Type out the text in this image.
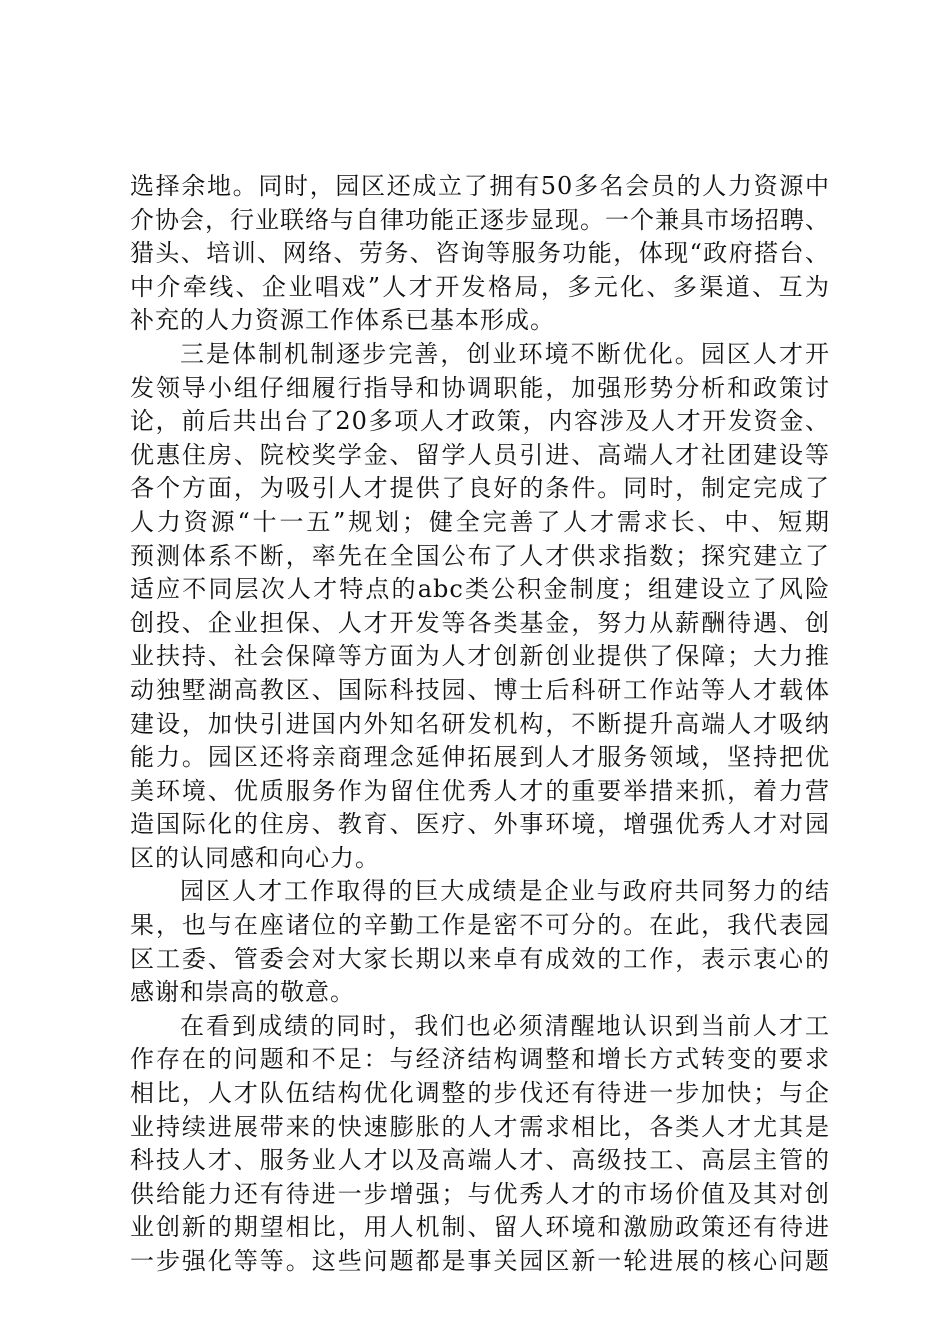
选择余地。同时，园区还成立了拥有50多名会员的人力资源中
介协会，行业联络与自律功能正逐步显现。一个兼具市场招聘、
猎头、培训、网络、劳务、咨询等服务功能，体现“政府搭台、
中介牵线、企业唱戏”人才开发格局，多元化、多渠道、互为
补充的人力资源工作体系已基本形成。
三是体制机制逐步完善，创业环境不断优化。园区人才开
发领导小组仔细履行指导和协调职能，加强形势分析和政策讨
论，前后共出台了20多项人才政策，内容涉及人才开发资金、
优惠住房、院校奖学金、留学人员引进、高端人才社团建设等
各个方面，为吸引人才提供了良好的条件。同时，制定完成了
人力资源“十一五”规划；健全完善了人才需求长、中、短期
预测体系不断，率先在全国公布了人才供求指数；探究建立了
适应不同层次人才特点的abc类公积金制度；组建设立了风险
创投、企业担保、人才开发等各类基金，努力从薪酬待遇、创
业扶持、社会保障等方面为人才创新创业提供了保障；大力推
动独墅湖高教区、国际科技园、博士后科研工作站等人才载体
建设，加快引进国内外知名研发机构，不断提升高端人才吸纳
能力。园区还将亲商理念延伸拓展到人才服务领域，坚持把优
美环境、优质服务作为留住优秀人才的重要举措来抓，着力营
造国际化的住房、教育、医疗、外事环境，增强优秀人才对园
区的认同感和向心力。
园区人才工作取得的巨大成绩是企业与政府共同努力的结
果，也与在座诸位的辛勤工作是密不可分的。在此，我代表园
区工委、管委会对大家长期以来卓有成效的工作，表示衷心的
感谢和崇高的敬意。
在看到成绩的同时，我们也必须清醒地认识到当前人才工
作存在的问题和不足：与经济结构调整和增长方式转变的要求
相比，人才队伍结构优化调整的步伐还有待进一步加快；与企
业持续进展带来的快速膨胀的人才需求相比，各类人才尤其是
科技人才、服务业人才以及高端人才、高级技工、高层主管的
供给能力还有待进一步增强；与优秀人才的市场价值及其对创
业创新的期望相比，用人机制、留人环境和激励政策还有待进
一步强化等等。这些问题都是事关园区新一轮进展的核心问题
